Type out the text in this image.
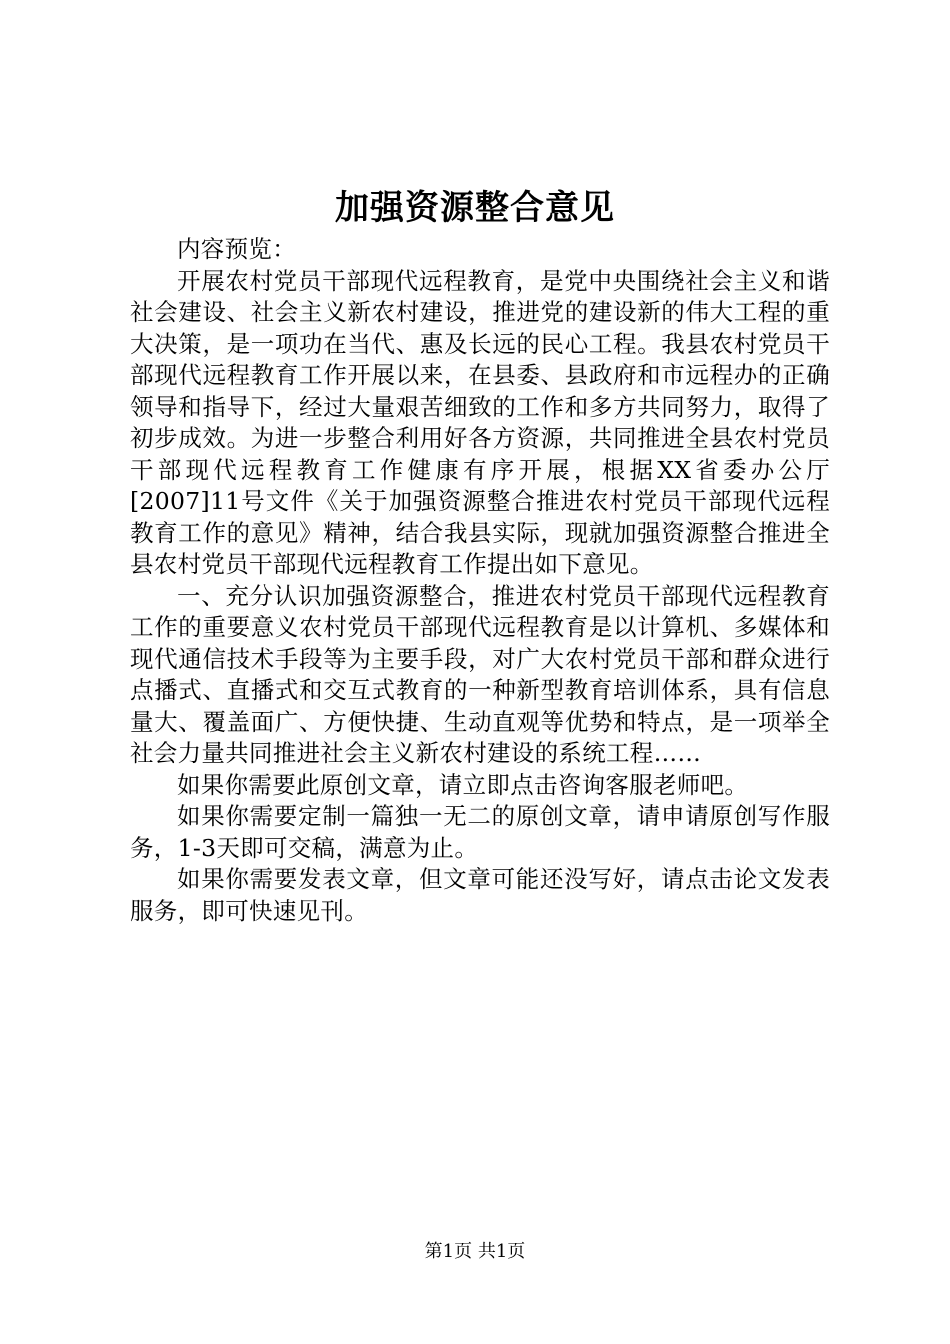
加强资源整合意见

内容预览：

开展农村党员干部现代远程教育，是党中央围绕社会主义和谐社会建设、社会主义新农村建设，推进党的建设新的伟大工程的重大决策，是一项功在当代、惠及长远的民心工程。我县农村党员干部现代远程教育工作开展以来，在县委、县政府和市远程办的正确领导和指导下，经过大量艰苦细致的工作和多方共同努力，取得了初步成效。为进一步整合利用好各方资源，共同推进全县农村党员干部现代远程教育工作健康有序开展，根据XX省委办公厅[2007]11号文件《关于加强资源整合推进农村党员干部现代远程教育工作的意见》精神，结合我县实际，现就加强资源整合推进全县农村党员干部现代远程教育工作提出如下意见。

一、充分认识加强资源整合，推进农村党员干部现代远程教育工作的重要意义农村党员干部现代远程教育是以计算机、多媒体和现代通信技术手段等为主要手段，对广大农村党员干部和群众进行点播式、直播式和交互式教育的一种新型教育培训体系，具有信息量大、覆盖面广、方便快捷、生动直观等优势和特点，是一项举全社会力量共同推进社会主义新农村建设的系统工程……

如果你需要此原创文章，请立即点击咨询客服老师吧。

如果你需要定制一篇独一无二的原创文章，请申请原创写作服务，1-3天即可交稿，满意为止。

如果你需要发表文章，但文章可能还没写好，请点击论文发表服务，即可快速见刊。

第1页 共1页
